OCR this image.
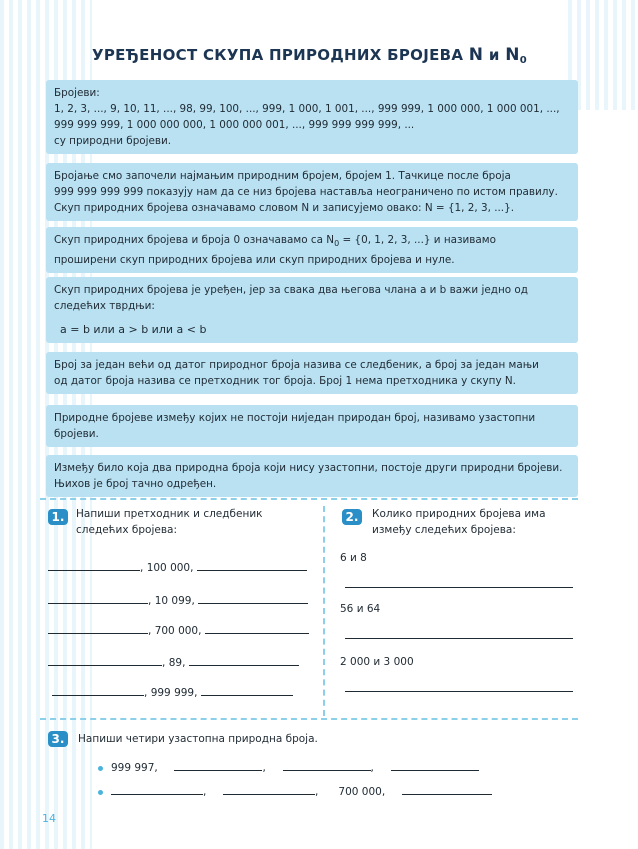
УРЕЂЕНОСТ СКУПА ПРИРОДНИХ БРОЈЕВА N и $N_0$

Бројеви:

1, 2, 3, ..., 9, 10, 11, ..., 98, 99, 100, ..., 999, 1 000, 1 001, ..., 999 999, 1 000 000, 1 000 001, ...,

999 999 999, 1 000 000 000, 1 000 000 001, ..., 999 999 999 999, ...

су природни бројеви.

Бројање смо започели најмањим природним бројем, бројем 1. Тачкице после броја

999 999 999 999 показују нам да се низ бројева наставља неограничено по истом правилу.

Скуп природних бројева означавамо словом N и записујемо овако: N = {1, 2, 3, ...}.

Скуп природних бројева и броја 0 означавамо са $N_0 = \{0$, 1, 2, 3, ...} и називамо

проширени скуп природних бројева или скуп природних бројева и нуле.

Скуп природних бројева је уређен, јер за свака два његова члана a и b важи једно од

следећих тврдњи:

a = b или a > b или a < b

Број за један већи од датог природног броја назива се следбеник, а број за један мањи

од датог броја назива се претходник тог броја. Број 1 нема претходника у скупу N.

Природне бројеве између којих не постоји ниједан природан број, називамо узастопни

бројеви.

Између било која два природна броја који нису узастопни, постоје други природни бројеви.

Њихов је број тачно одређен.

1.	Напиши претходник и следбеник
следећих бројева:
, 100 000,
, 10 099,
, 700 000,
, 89,
, 999 999,
2.	Колико природних бројева има
између следећих бројева:
6 и 8
56 и 64
2 000 и 3 000
3.	Напиши четири узастопна природна броја.
999 997,	,	,
,	,      700 000,
14
